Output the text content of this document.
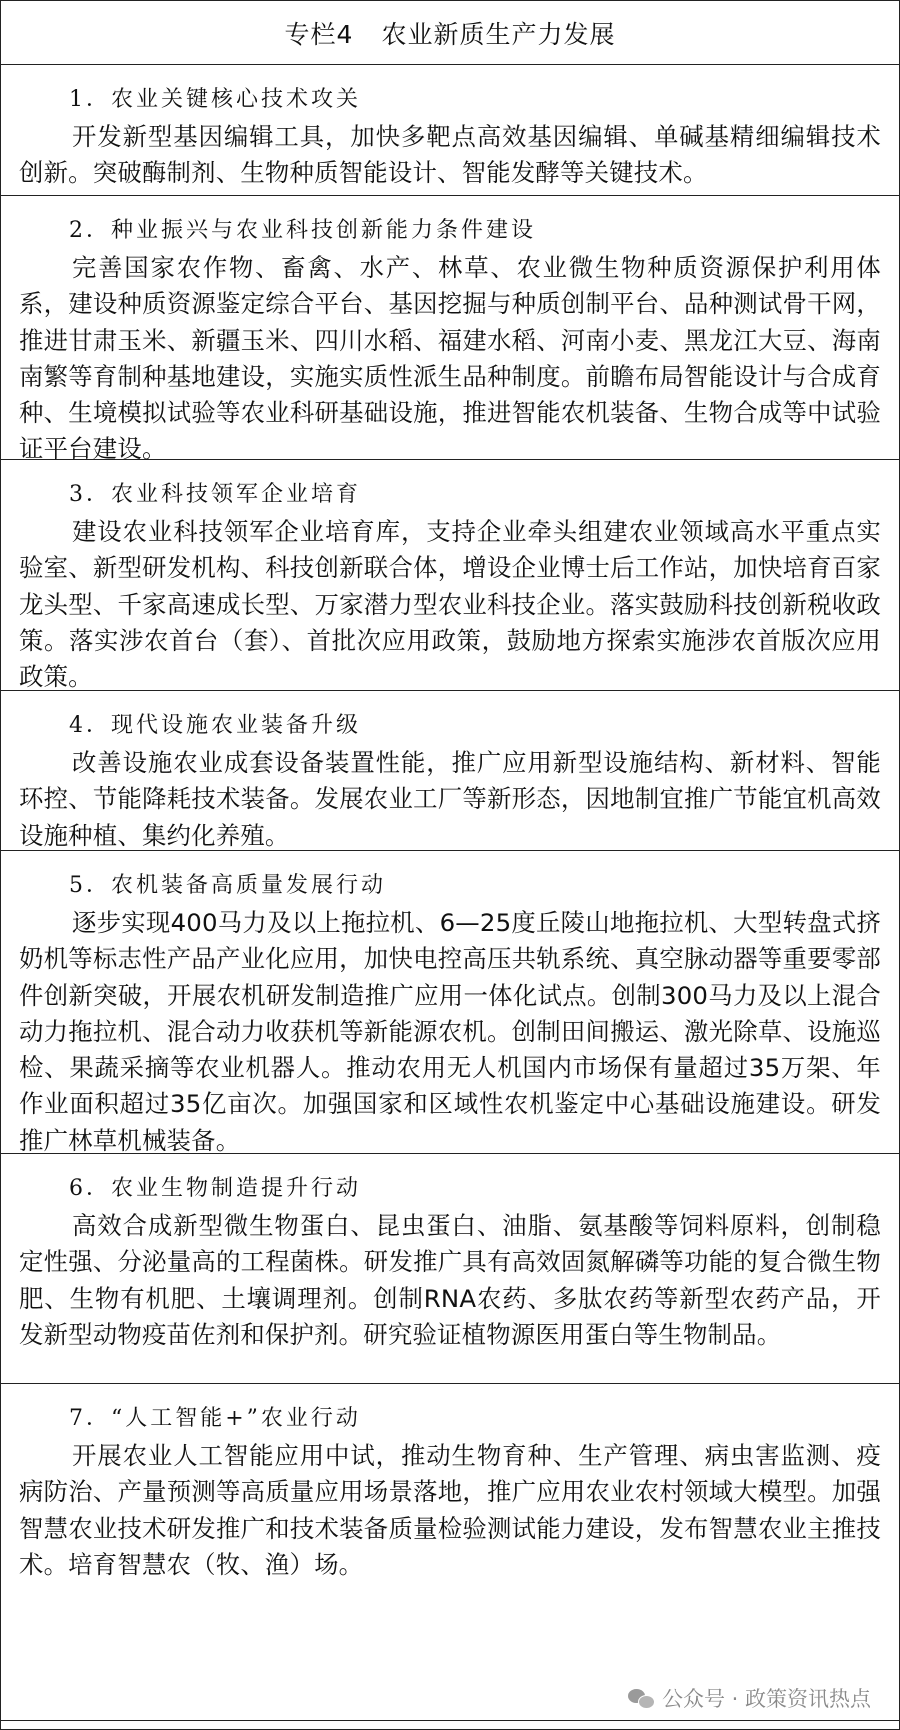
专栏4 农业新质生产力发展
1．农业关键核心技术攻关
开发新型基因编辑工具，加快多靶点高效基因编辑、单碱基精细编辑技术创新。突破酶制剂、生物种质智能设计、智能发酵等关键技术。
2．种业振兴与农业科技创新能力条件建设
完善国家农作物、畜禽、水产、林草、农业微生物种质资源保护利用体系，建设种质资源鉴定综合平台、基因挖掘与种质创制平台、品种测试骨干网，推进甘肃玉米、新疆玉米、四川水稻、福建水稻、河南小麦、黑龙江大豆、海南南繁等育制种基地建设，实施实质性派生品种制度。前瞻布局智能设计与合成育种、生境模拟试验等农业科研基础设施，推进智能农机装备、生物合成等中试验证平台建设。
3．农业科技领军企业培育
建设农业科技领军企业培育库，支持企业牵头组建农业领域高水平重点实验室、新型研发机构、科技创新联合体，增设企业博士后工作站，加快培育百家龙头型、千家高速成长型、万家潜力型农业科技企业。落实鼓励科技创新税收政策。落实涉农首台（套）、首批次应用政策，鼓励地方探索实施涉农首版次应用政策。
4．现代设施农业装备升级
改善设施农业成套设备装置性能，推广应用新型设施结构、新材料、智能环控、节能降耗技术装备。发展农业工厂等新形态，因地制宜推广节能宜机高效设施种植、集约化养殖。
5．农机装备高质量发展行动
逐步实现400马力及以上拖拉机、6—25度丘陵山地拖拉机、大型转盘式挤奶机等标志性产品产业化应用，加快电控高压共轨系统、真空脉动器等重要零部件创新突破，开展农机研发制造推广应用一体化试点。创制300马力及以上混合动力拖拉机、混合动力收获机等新能源农机。创制田间搬运、激光除草、设施巡检、果蔬采摘等农业机器人。推动农用无人机国内市场保有量超过35万架、年作业面积超过35亿亩次。加强国家和区域性农机鉴定中心基础设施建设。研发推广林草机械装备。
6．农业生物制造提升行动
高效合成新型微生物蛋白、昆虫蛋白、油脂、氨基酸等饲料原料，创制稳定性强、分泌量高的工程菌株。研发推广具有高效固氮解磷等功能的复合微生物肥、生物有机肥、土壤调理剂。创制RNA农药、多肽农药等新型农药产品，开发新型动物疫苗佐剂和保护剂。研究验证植物源医用蛋白等生物制品。
7．“人工智能+”农业行动
开展农业人工智能应用中试，推动生物育种、生产管理、病虫害监测、疫病防治、产量预测等高质量应用场景落地，推广应用农业农村领域大模型。加强智慧农业技术研发推广和技术装备质量检验测试能力建设，发布智慧农业主推技术。培育智慧农（牧、渔）场。
公众号 · 政策资讯热点
